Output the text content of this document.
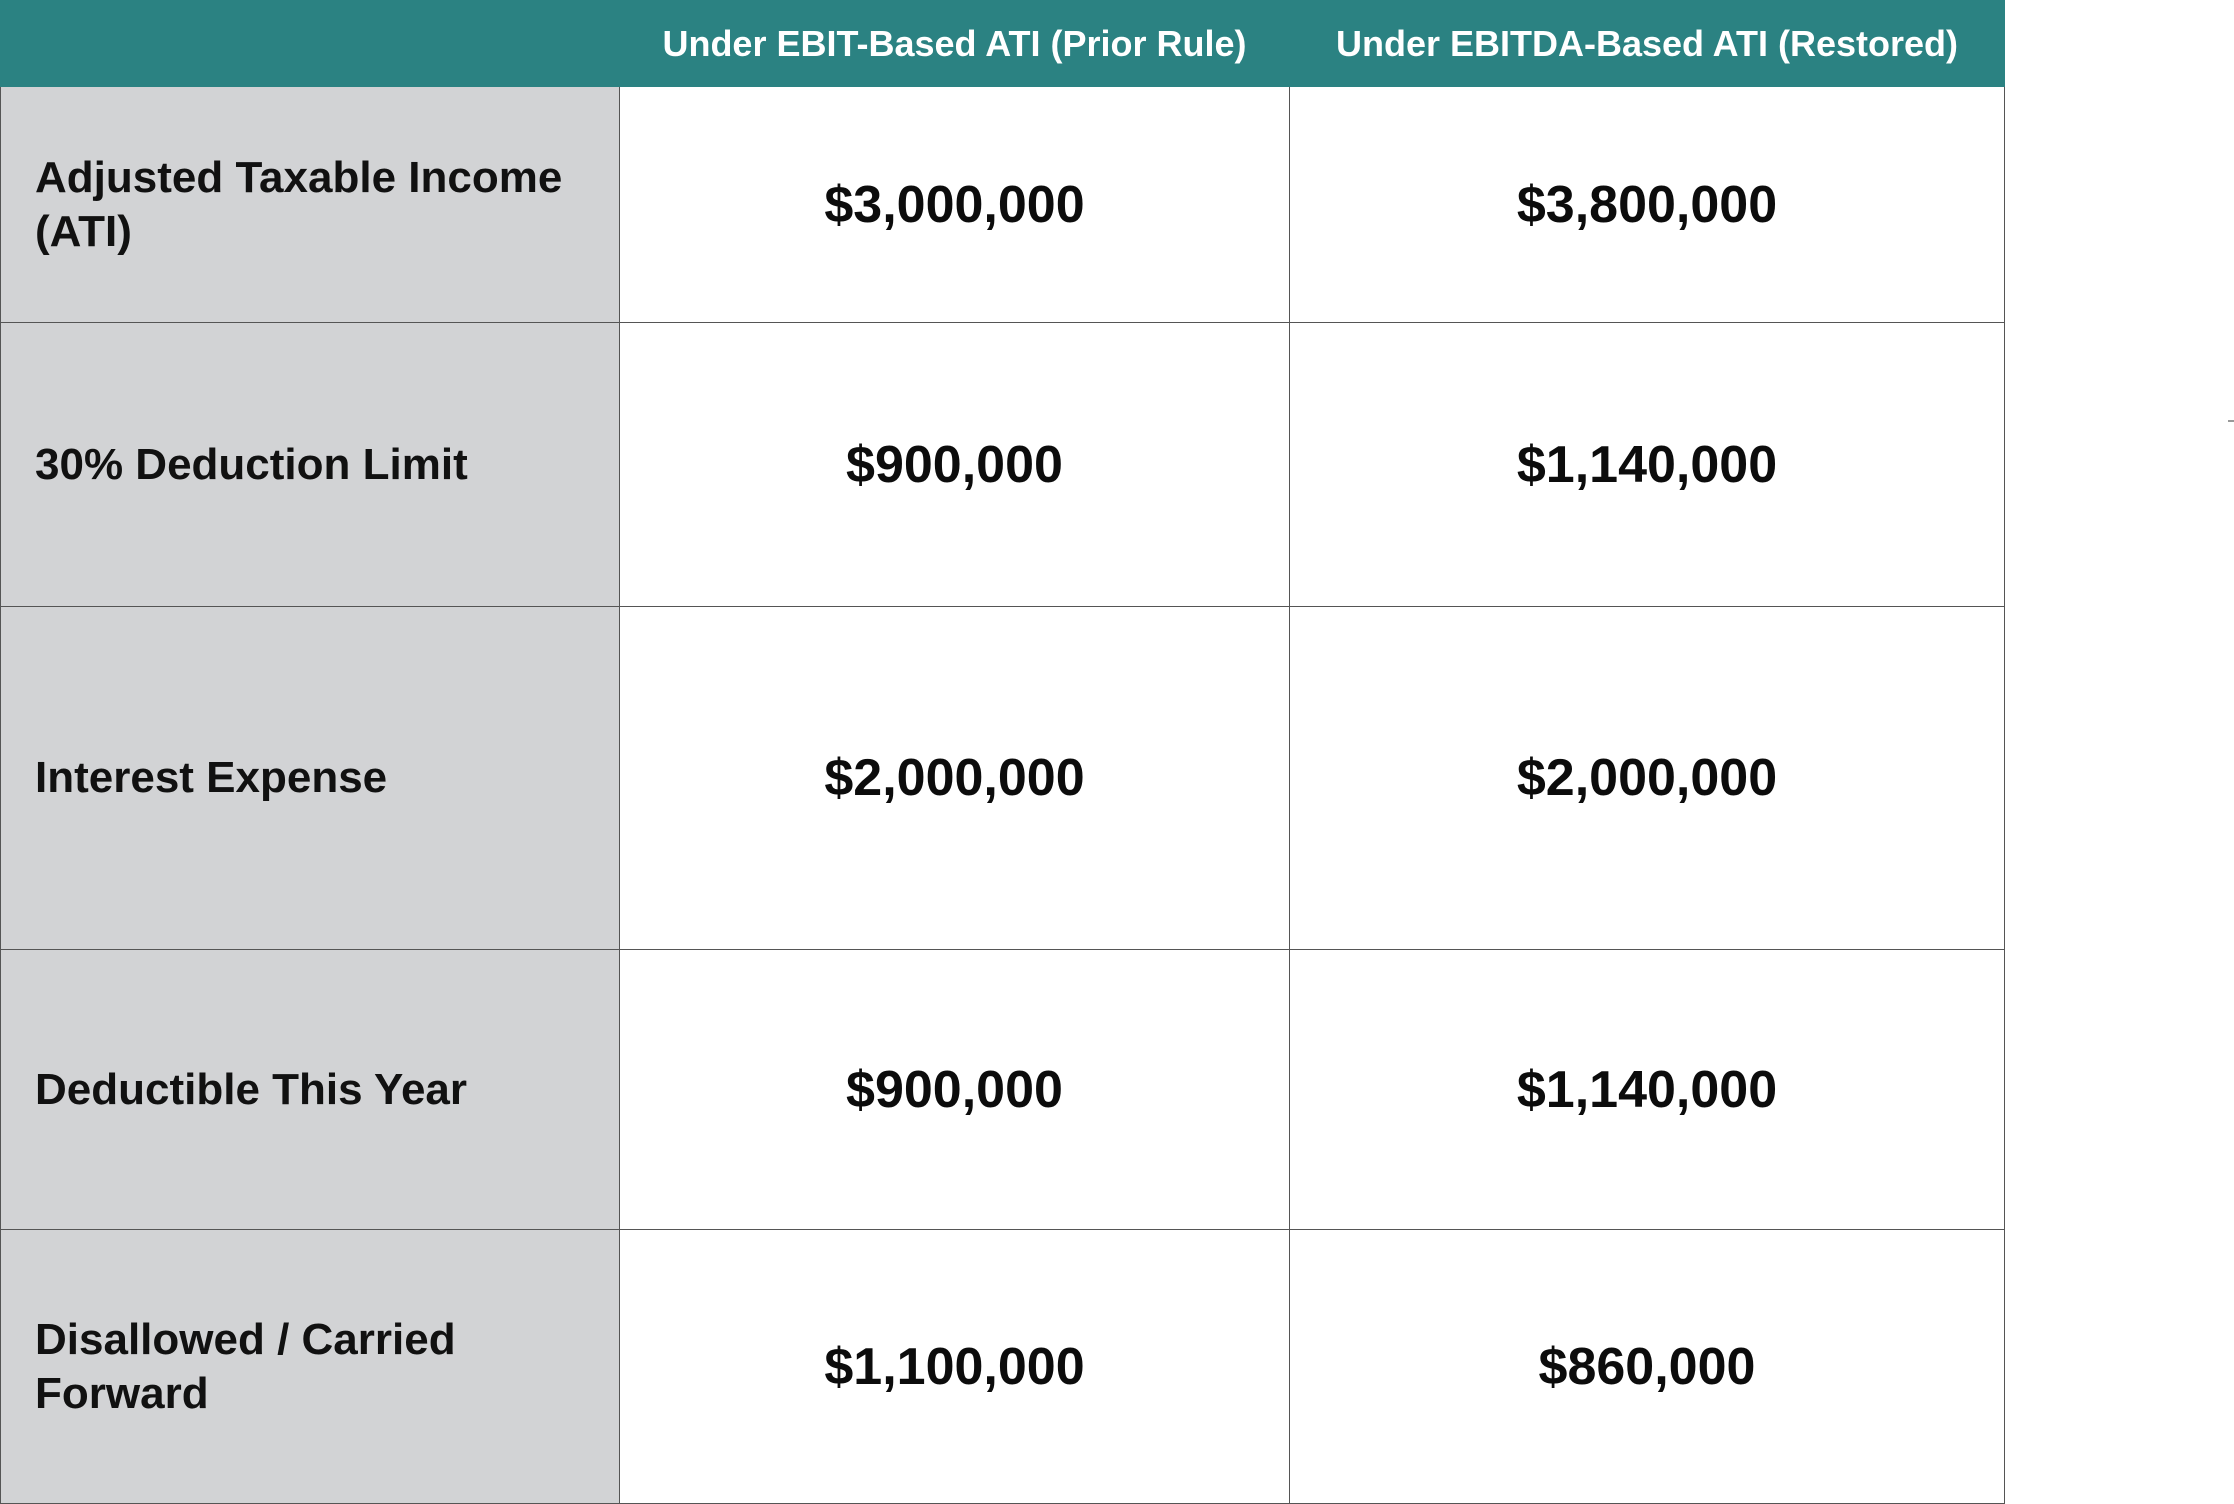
	Under EBIT-Based ATI (Prior Rule)	Under EBITDA-Based ATI (Restored)
Adjusted Taxable Income (ATI)	$3,000,000	$3,800,000
30% Deduction Limit	$900,000	$1,140,000
Interest Expense	$2,000,000	$2,000,000
Deductible This Year	$900,000	$1,140,000
Disallowed / Carried Forward	$1,100,000	$860,000
